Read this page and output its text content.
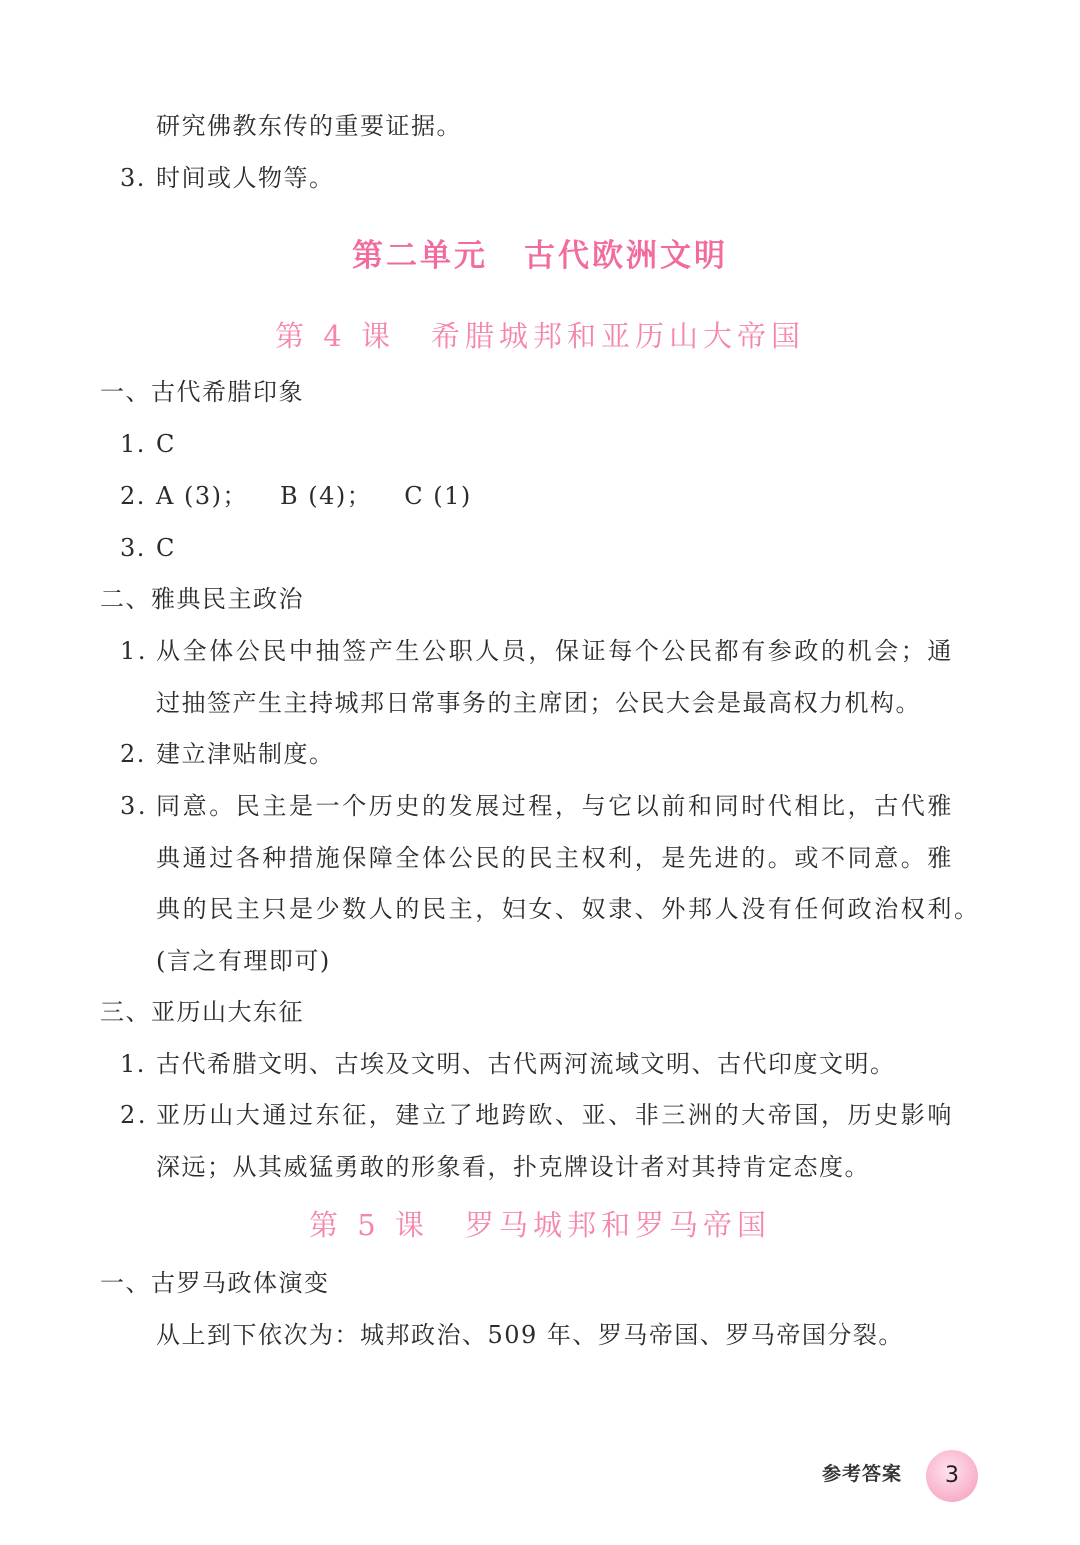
研究佛教东传的重要证据。
3. 时间或人物等。
第二单元 古代欧洲文明
第 4 课 希腊城邦和亚历山大帝国
一、古代希腊印象
1. C
2. A (3)； B (4)； C (1)
3. C
二、雅典民主政治
1. 从全体公民中抽签产生公职人员，保证每个公民都有参政的机会；通
过抽签产生主持城邦日常事务的主席团；公民大会是最高权力机构。
2. 建立津贴制度。
3. 同意。民主是一个历史的发展过程，与它以前和同时代相比，古代雅
典通过各种措施保障全体公民的民主权利，是先进的。或不同意。雅
典的民主只是少数人的民主，妇女、奴隶、外邦人没有任何政治权利。
(言之有理即可)
三、亚历山大东征
1. 古代希腊文明、古埃及文明、古代两河流域文明、古代印度文明。
2. 亚历山大通过东征，建立了地跨欧、亚、非三洲的大帝国，历史影响
深远；从其威猛勇敢的形象看，扑克牌设计者对其持肯定态度。
第 5 课 罗马城邦和罗马帝国
一、古罗马政体演变
从上到下依次为：城邦政治、509 年、罗马帝国、罗马帝国分裂。
参考答案	3
